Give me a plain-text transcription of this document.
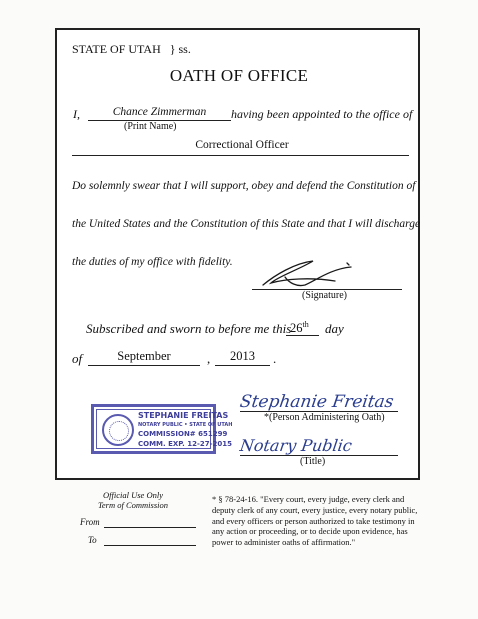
STATE OF UTAH } ss.
OATH OF OFFICE
I,	Chance Zimmerman	having been appointed to the office of
(Print Name)
Correctional Officer
Do solemnly swear that I will support, obey and defend the Constitution of
the United States and the Constitution of this State and that I will discharge
the duties of my office with fidelity.
(Signature)
Subscribed and sworn to before me this
26th day
of	September	,	2013	.
STEPHANIE FREITAS
NOTARY PUBLIC • STATE OF UTAH
COMMISSION# 651299
COMM. EXP. 12-27-2015
Stephanie Freitas
*(Person Administering Oath)
Notary Public
(Title)
Official Use Only
Term of Commission
From
To
* § 78-24-16. "Every court, every judge, every clerk and deputy clerk of any court, every justice, every notary public, and every officers or person authorized to take testimony in any action or proceeding, or to decide upon evidence, has power to administer oaths of affirmation."
